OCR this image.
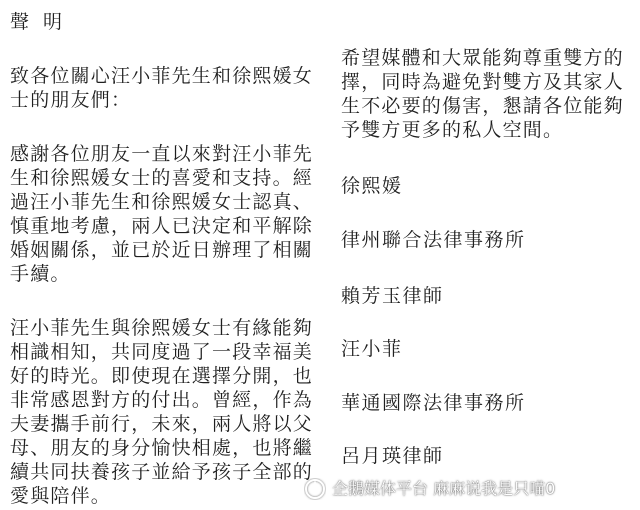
聲 明
致各位關心汪小菲先生和徐熙媛女
士的朋友們：
感謝各位朋友一直以來對汪小菲先
生和徐熙媛女士的喜愛和支持。經
過汪小菲先生和徐熙媛女士認真、
慎重地考慮，兩人已決定和平解除
婚姻關係，並已於近日辦理了相關
手續。
汪小菲先生與徐熙媛女士有緣能夠
相識相知，共同度過了一段幸福美
好的時光。即使現在選擇分開，也
非常感恩對方的付出。曾經，作為
夫妻攜手前行，未來，兩人將以父
母、朋友的身分愉快相處，也將繼
續共同扶養孩子並給予孩子全部的
愛與陪伴。
希望媒體和大眾能夠尊重雙方的
擇，同時為避免對雙方及其家人
生不必要的傷害，懇請各位能夠
予雙方更多的私人空間。
徐熙媛
律州聯合法律事務所
賴芳玉律師
汪小菲
華通國際法律事務所
呂月瑛律師
企鵝媒体平台 麻麻说我是只喵0
